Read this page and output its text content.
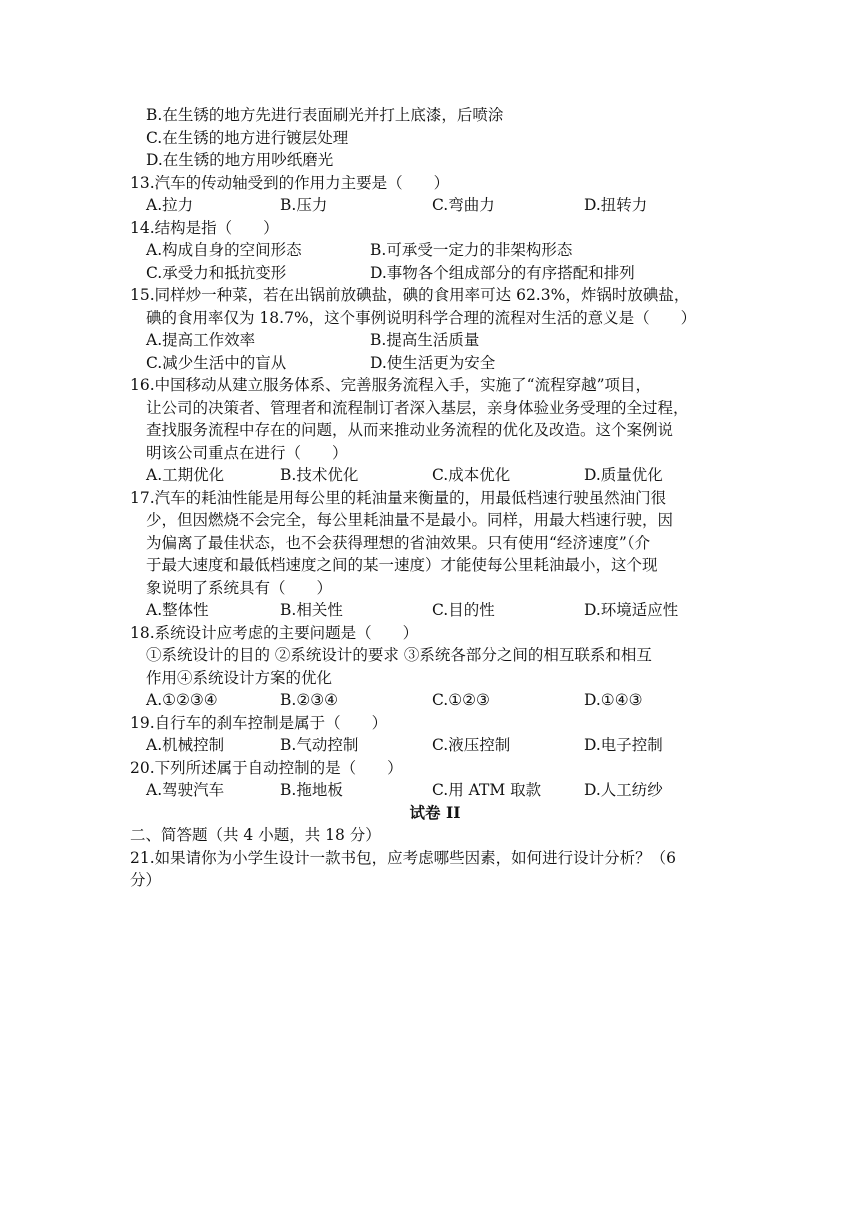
B.在生锈的地方先进行表面刷光并打上底漆，后喷涂
C.在生锈的地方进行镀层处理
D.在生锈的地方用吵纸磨光
13.汽车的传动轴受到的作用力主要是（　　）
A.拉力	B.压力	C.弯曲力	D.扭转力
14.结构是指（　　）
A.构成自身的空间形态	B.可承受一定力的非架构形态
C.承受力和抵抗变形	D.事物各个组成部分的有序搭配和排列
15.同样炒一种菜，若在出锅前放碘盐，碘的食用率可达 62.3%，炸锅时放碘盐，
碘的食用率仅为 18.7%，这个事例说明科学合理的流程对生活的意义是（　　）
A.提高工作效率	B.提高生活质量
C.减少生活中的盲从	D.使生活更为安全
16.中国移动从建立服务体系、完善服务流程入手，实施了“流程穿越”项目，
让公司的决策者、管理者和流程制订者深入基层，亲身体验业务受理的全过程，
查找服务流程中存在的问题，从而来推动业务流程的优化及改造。这个案例说
明该公司重点在进行（　　）
A.工期优化	B.技术优化	C.成本优化	D.质量优化
17.汽车的耗油性能是用每公里的耗油量来衡量的，用最低档速行驶虽然油门很
少，但因燃烧不会完全，每公里耗油量不是最小。同样，用最大档速行驶，因
为偏离了最佳状态，也不会获得理想的省油效果。只有使用“经济速度”（介
于最大速度和最低档速度之间的某一速度）才能使每公里耗油最小，这个现
象说明了系统具有（　　）
A.整体性	B.相关性	C.目的性	D.环境适应性
18.系统设计应考虑的主要问题是（　　）
①系统设计的目的 ②系统设计的要求 ③系统各部分之间的相互联系和相互
作用④系统设计方案的优化
A.①②③④	B.②③④	C.①②③	D.①④③
19.自行车的刹车控制是属于（　　）
A.机械控制	B.气动控制	C.液压控制	D.电子控制
20.下列所述属于自动控制的是（　　）
A.驾驶汽车	B.拖地板	C.用 ATM 取款	D.人工纺纱
试卷 II
二、简答题（共 4 小题，共 18 分）
21.如果请你为小学生设计一款书包，应考虑哪些因素，如何进行设计分析？（6
分）
